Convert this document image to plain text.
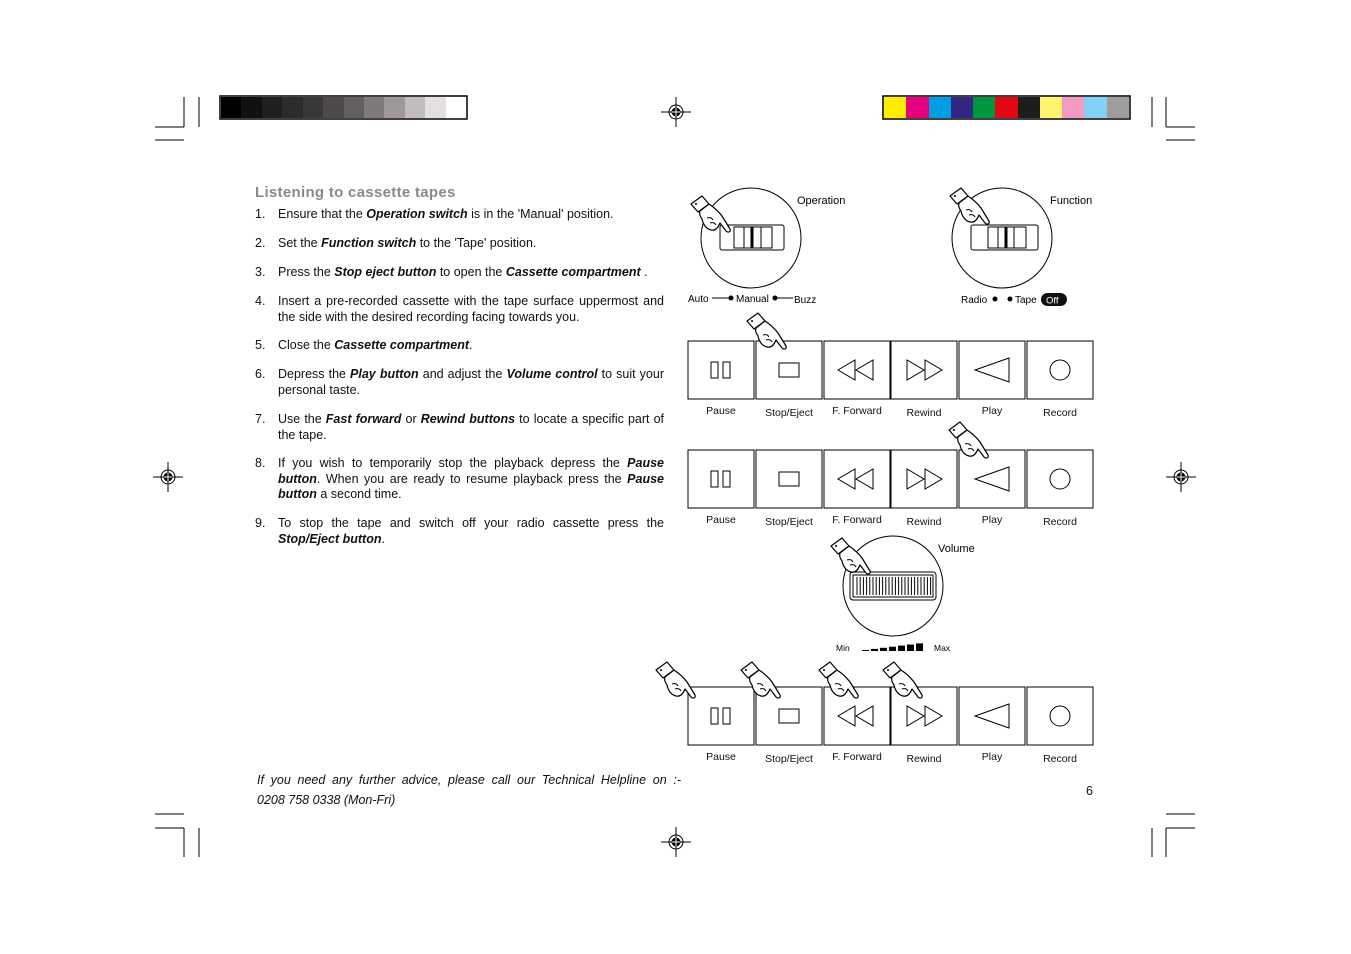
Listening to cassette tapes
1. Ensure that the Operation switch is in the 'Manual' position.
2. Set the Function switch to the 'Tape' position.
3. Press the Stop eject button to open the Cassette compartment .
4. Insert a pre-recorded cassette with the tape surface uppermost and the side with the desired recording facing towards you.
5. Close the Cassette compartment.
6. Depress the Play button and adjust the Volume control to suit your personal taste.
7. Use the Fast forward or Rewind buttons to locate a specific part of the tape.
8. If you wish to temporarily stop the playback depress the Pause button. When you are ready to resume playback press the Pause button a second time.
9. To stop the tape and switch off your radio cassette press the Stop/Eject button.
If you need any further advice, please call our Technical Helpline on :-
0208 758 0338 (Mon-Fri)
6
Operation	Function
Auto	Manual	Buzz	Radio	Tape Off
Volume
Min	Max
Pause	Stop/Eject	F. Forward	Rewind	Play	Record
Pause	Stop/Eject	F. Forward	Rewind	Play	Record
Pause	Stop/Eject	F. Forward	Rewind	Play	Record
